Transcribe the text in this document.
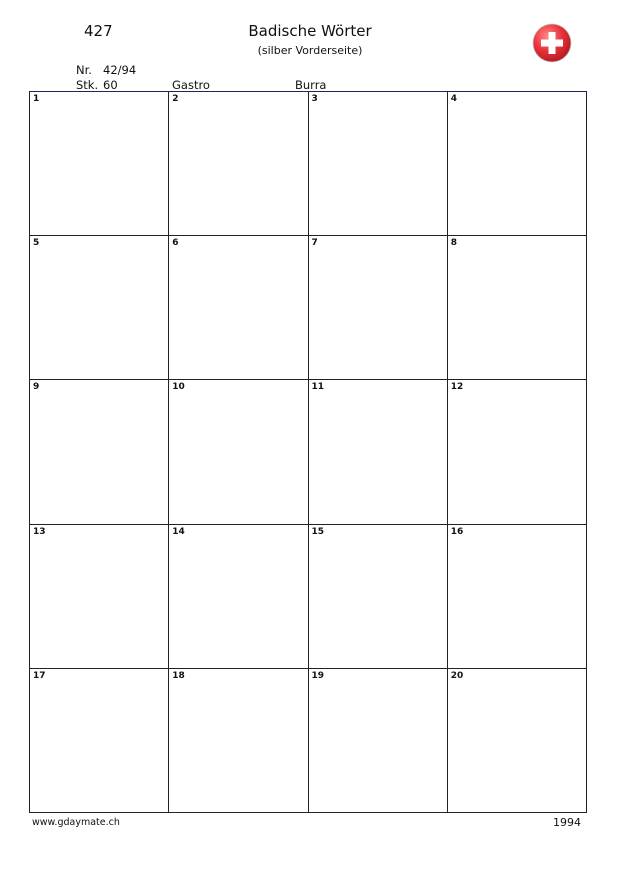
427	Badische Wörter
(silber Vorderseite)
Nr. 42/94
Stk. 60	Gastro	Burra
1	2	3	4
5	6	7	8
9	10	11	12
13	14	15	16
17	18	19	20
www.gdaymate.ch	1994
